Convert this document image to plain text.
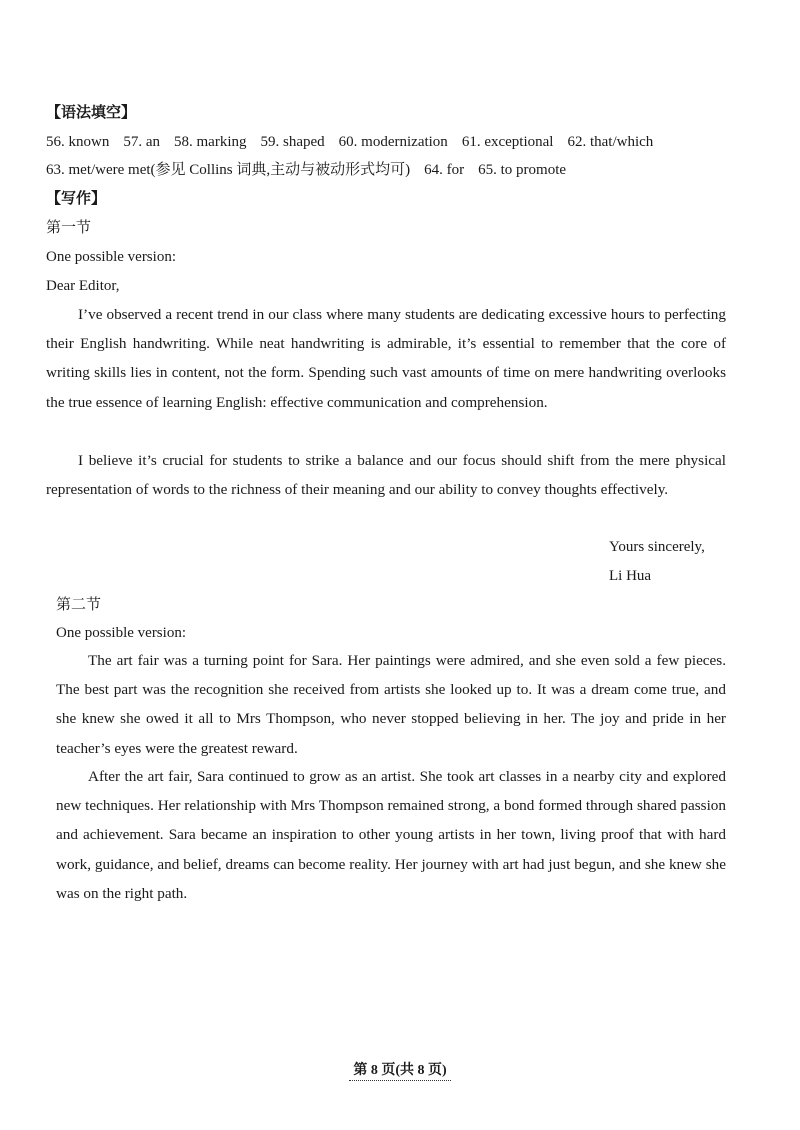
【语法填空】
56. known 57. an 58. marking 59. shaped 60. modernization 61. exceptional 62. that/which
63. met/were met(参见 Collins 词典,主动与被动形式均可) 64. for 65. to promote
【写作】
第一节
One possible version:
Dear Editor,
I’ve observed a recent trend in our class where many students are dedicating excessive hours to perfecting their English handwriting. While neat handwriting is admirable, it’s essential to remember that the core of writing skills lies in content, not the form. Spending such vast amounts of time on mere handwriting overlooks the true essence of learning English: effective communication and comprehension.
I believe it’s crucial for students to strike a balance and our focus should shift from the mere physical representation of words to the richness of their meaning and our ability to convey thoughts effectively.
Yours sincerely,
Li Hua
第二节
One possible version:
The art fair was a turning point for Sara. Her paintings were admired, and she even sold a few pieces. The best part was the recognition she received from artists she looked up to. It was a dream come true, and she knew she owed it all to Mrs Thompson, who never stopped believing in her. The joy and pride in her teacher’s eyes were the greatest reward.
After the art fair, Sara continued to grow as an artist. She took art classes in a nearby city and explored new techniques. Her relationship with Mrs Thompson remained strong, a bond formed through shared passion and achievement. Sara became an inspiration to other young artists in her town, living proof that with hard work, guidance, and belief, dreams can become reality. Her journey with art had just begun, and she knew she was on the right path.
第 8 页(共 8 页)
